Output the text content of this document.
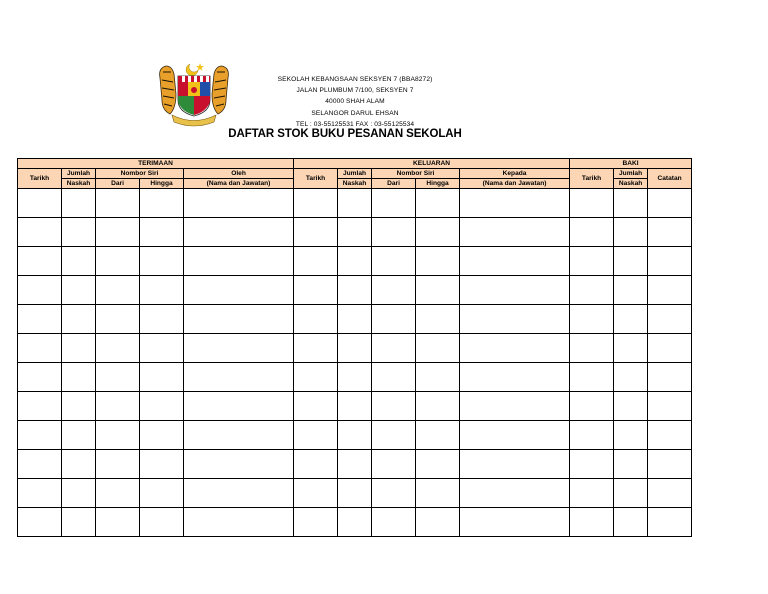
SEKOLAH KEBANGSAAN SEKSYEN 7 (BBA8272)
JALAN PLUMBUM 7/100, SEKSYEN 7
40000 SHAH ALAM
SELANGOR DARUL EHSAN
TEL : 03-55125531 FAX : 03-55125534
DAFTAR STOK BUKU PESANAN SEKOLAH
TERIMAAN					KELUARAN					BAKI		
Tarikh	Jumlah	Nombor Siri		Oleh	Tarikh	Jumlah	Nombor Siri		Kepada	Tarikh	Jumlah	Catatan
	Naskah	Dari	Hingga	(Nama dan Jawatan)		Naskah	Dari	Hingga	(Nama dan Jawatan)		Naskah	
